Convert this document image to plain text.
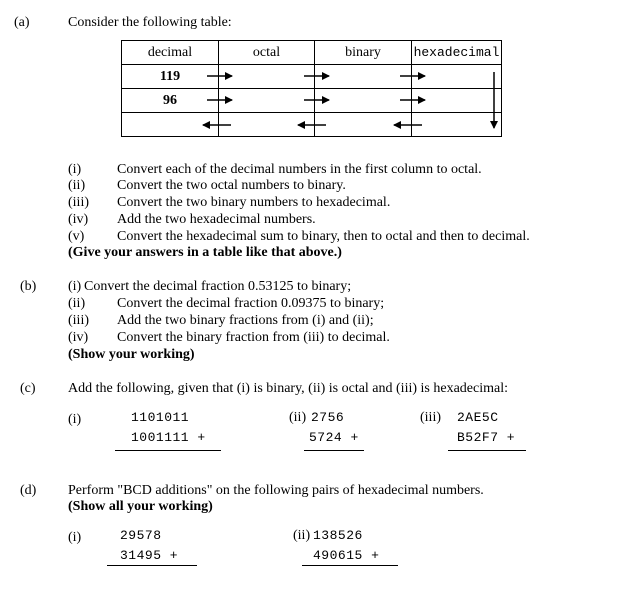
(a)	Consider the following table:
decimal	octal	binary	hexadecimal
119			
96			

(i)	Convert each of the decimal numbers in the first column to octal.
(ii) Convert the two octal numbers to binary.
(iii) Convert the two binary numbers to hexadecimal.
(iv) Add the two hexadecimal numbers.
(v) Convert the hexadecimal sum to binary, then to octal and then to decimal.
(Give your answers in a table like that above.)
(b) (i) Convert the decimal fraction 0.53125 to binary;
(ii) Convert the decimal fraction 0.09375 to binary;
(iii) Add the two binary fractions from (i) and (ii);
(iv) Convert the binary fraction from (iii) to decimal.
(Show your working)
(c) Add the following, given that (i) is binary, (ii) is octal and (iii) is hexadecimal:
(i)	1101011
1001111 +
(ii) 2756
5724 +
(iii) 2AE5C
B52F7 +
(d) Perform "BCD additions" on the following pairs of hexadecimal numbers.
(Show all your working)
(i)	29578
31495 +
(ii) 138526
490615 +
